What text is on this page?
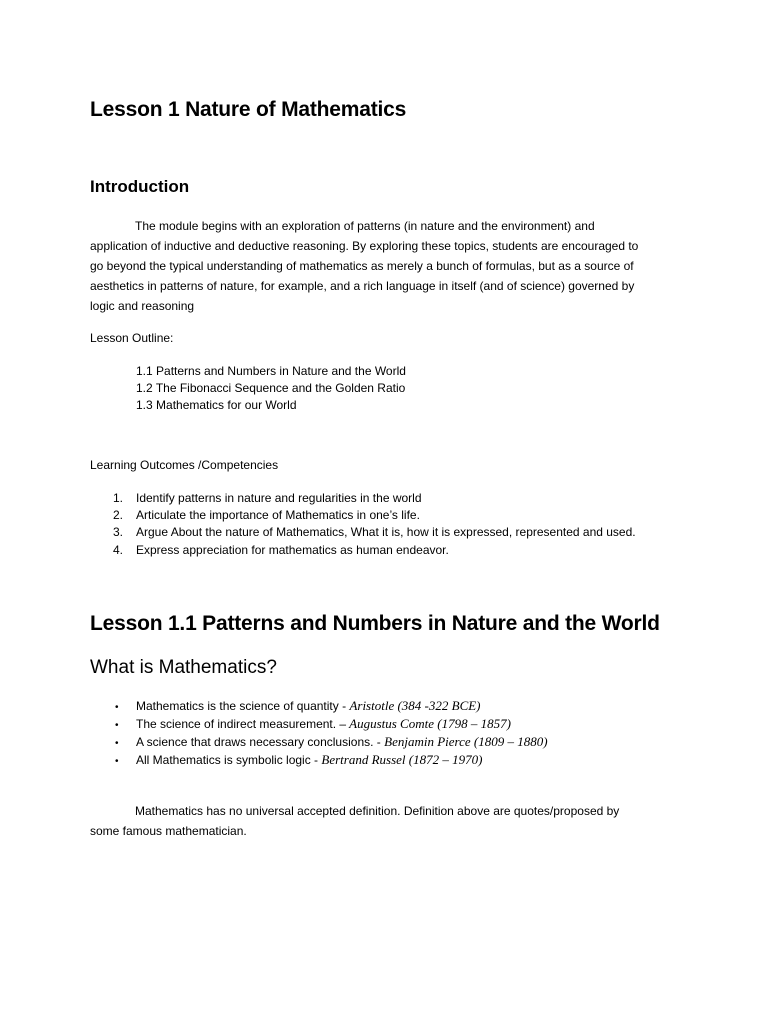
Lesson 1 Nature of Mathematics
Introduction
The module begins with an exploration of patterns (in nature and the environment) and
application of inductive and deductive reasoning. By exploring these topics, students are encouraged to
go beyond the typical understanding of mathematics as merely a bunch of formulas, but as a source of
aesthetics in patterns of nature, for example, and a rich language in itself (and of science) governed by
logic and reasoning
Lesson Outline:
1.1 Patterns and Numbers in Nature and the World
1.2 The Fibonacci Sequence and the Golden Ratio
1.3 Mathematics for our World
Learning Outcomes /Competencies
1. Identify patterns in nature and regularities in the world
2. Articulate the importance of Mathematics in one’s life.
3. Argue About the nature of Mathematics, What it is, how it is expressed, represented and used.
4. Express appreciation for mathematics as human endeavor.
Lesson 1.1 Patterns and Numbers in Nature and the World
What is Mathematics?
• Mathematics is the science of quantity - Aristotle (384 -322 BCE)
• The science of indirect measurement. – Augustus Comte (1798 – 1857)
• A science that draws necessary conclusions. - Benjamin Pierce (1809 – 1880)
• All Mathematics is symbolic logic - Bertrand Russel (1872 – 1970)
Mathematics has no universal accepted definition. Definition above are quotes/proposed by
some famous mathematician.
